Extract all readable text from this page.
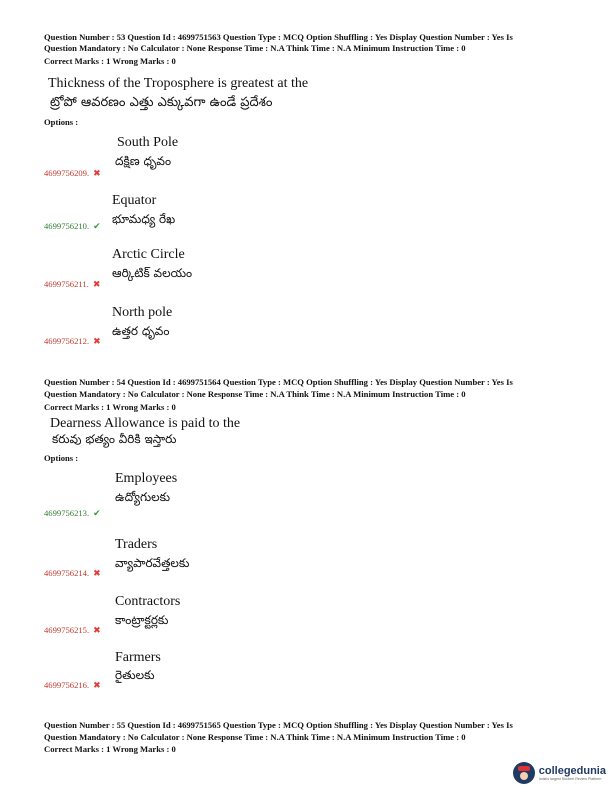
Question Number : 53 Question Id : 4699751563 Question Type : MCQ Option Shuffling : Yes Display Question Number : Yes Is
Question Mandatory : No Calculator : None Response Time : N.A Think Time : N.A Minimum Instruction Time : 0
Correct Marks : 1 Wrong Marks : 0
Thickness of the Troposphere is greatest at the
ట్రోపో ఆవరణం ఎత్తు ఎక్కువగా ఉండే ప్రదేశం
Options :
South Pole
దక్షిణ ధృవం
4699756209. ✖
Equator
భూమధ్య రేఖ
4699756210. ✔
Arctic Circle
ఆర్కిటిక్ వలయం
4699756211. ✖
North pole
ఉత్తర ధృవం
4699756212. ✖
Question Number : 54 Question Id : 4699751564 Question Type : MCQ Option Shuffling : Yes Display Question Number : Yes Is
Question Mandatory : No Calculator : None Response Time : N.A Think Time : N.A Minimum Instruction Time : 0
Correct Marks : 1 Wrong Marks : 0
Dearness Allowance is paid to the
కరువు భత్యం వీరికి ఇస్తారు
Options :
Employees
ఉద్యోగులకు
4699756213. ✔
Traders
వ్యాపారవేత్తలకు
4699756214. ✖
Contractors
కాంట్రాక్టర్లకు
4699756215. ✖
Farmers
రైతులకు
4699756216. ✖
Question Number : 55 Question Id : 4699751565 Question Type : MCQ Option Shuffling : Yes Display Question Number : Yes Is
Question Mandatory : No Calculator : None Response Time : N.A Think Time : N.A Minimum Instruction Time : 0
Correct Marks : 1 Wrong Marks : 0
collegedunia
India's largest Student Review Platform
